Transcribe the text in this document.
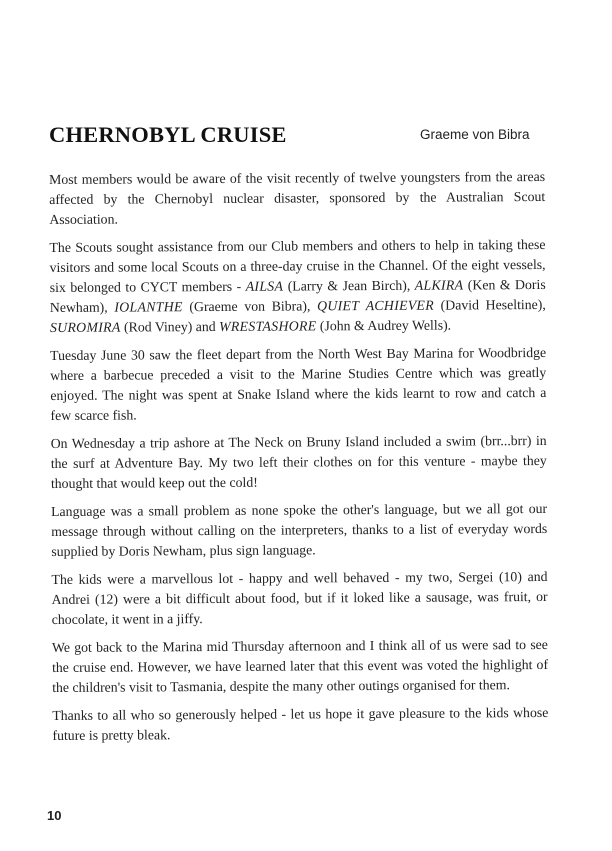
CHERNOBYL CRUISE	Graeme von Bibra

Most members would be aware of the visit recently of twelve youngsters from the areas affected by the Chernobyl nuclear disaster, sponsored by the Australian Scout Association.

The Scouts sought assistance from our Club members and others to help in taking these visitors and some local Scouts on a three-day cruise in the Channel. Of the eight vessels, six belonged to CYCT members - AILSA (Larry & Jean Birch), ALKIRA (Ken & Doris Newham), IOLANTHE (Graeme von Bibra), QUIET ACHIEVER (David Heseltine), SUROMIRA (Rod Viney) and WRESTASHORE (John & Audrey Wells).

Tuesday June 30 saw the fleet depart from the North West Bay Marina for Woodbridge where a barbecue preceded a visit to the Marine Studies Centre which was greatly enjoyed. The night was spent at Snake Island where the kids learnt to row and catch a few scarce fish.

On Wednesday a trip ashore at The Neck on Bruny Island included a swim (brr...brr) in the surf at Adventure Bay. My two left their clothes on for this venture - maybe they thought that would keep out the cold!

Language was a small problem as none spoke the other's language, but we all got our message through without calling on the interpreters, thanks to a list of everyday words supplied by Doris Newham, plus sign language.

The kids were a marvellous lot - happy and well behaved - my two, Sergei (10) and Andrei (12) were a bit difficult about food, but if it loked like a sausage, was fruit, or chocolate, it went in a jiffy.

We got back to the Marina mid Thursday afternoon and I think all of us were sad to see the cruise end. However, we have learned later that this event was voted the highlight of the children's visit to Tasmania, despite the many other outings organised for them.

Thanks to all who so generously helped - let us hope it gave pleasure to the kids whose future is pretty bleak.

10
